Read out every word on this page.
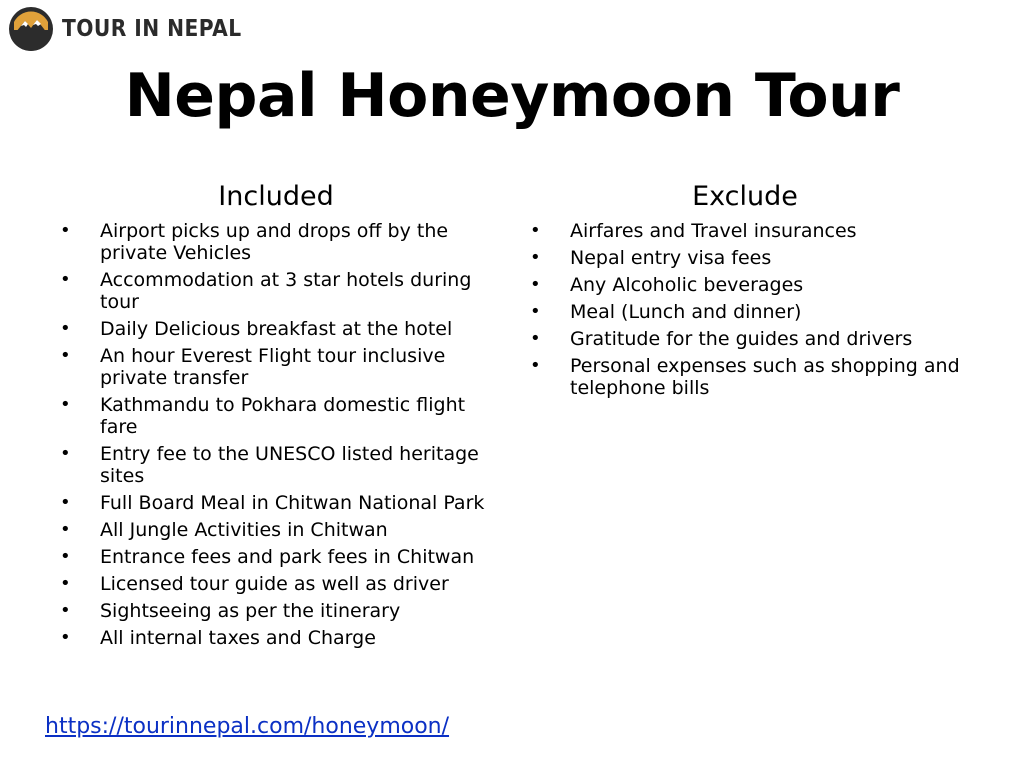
TOUR IN NEPAL
Nepal Honeymoon Tour
Included
• Airport picks up and drops off by the private Vehicles
• Accommodation at 3 star hotels during tour
• Daily Delicious breakfast at the hotel
• An hour Everest Flight tour inclusive private transfer
• Kathmandu to Pokhara domestic flight fare
• Entry fee to the UNESCO listed heritage sites
• Full Board Meal in Chitwan National Park
• All Jungle Activities in Chitwan
• Entrance fees and park fees in Chitwan
• Licensed tour guide as well as driver
• Sightseeing as per the itinerary
• All internal taxes and Charge
Exclude
• Airfares and Travel insurances
• Nepal entry visa fees
• Any Alcoholic beverages
• Meal (Lunch and dinner)
• Gratitude for the guides and drivers
• Personal expenses such as shopping and telephone bills
https://tourinnepal.com/honeymoon/
